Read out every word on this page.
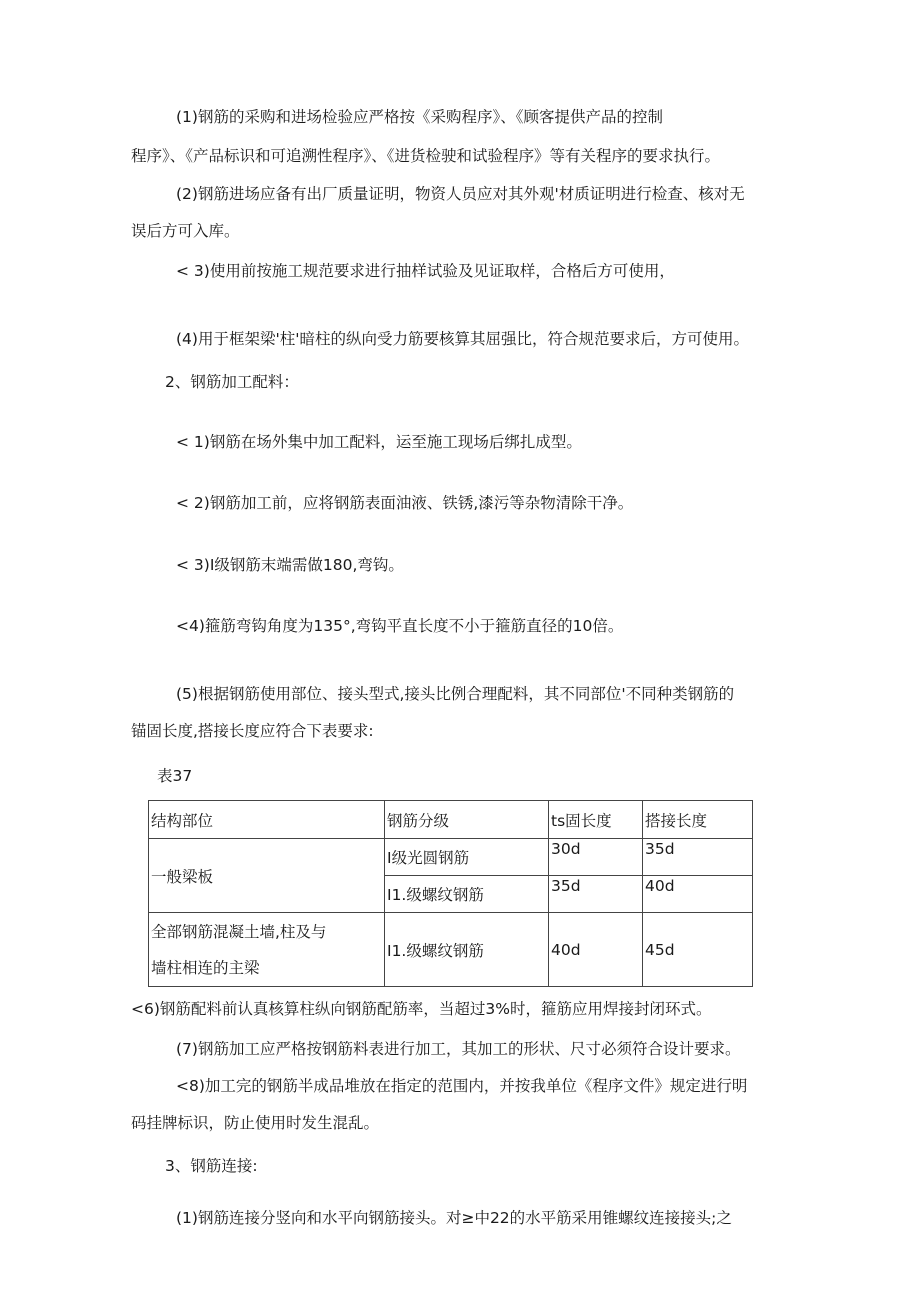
(1)钢筋的采购和进场检验应严格按《采购程序》、《顾客提供产品的控制
程序》、《产品标识和可追溯性程序》、《进货检驶和试验程序》等有关程序的要求执行。
(2)钢筋进场应备有出厂质量证明，物资人员应对其外观'材质证明进行检查、核对无
误后方可入库。
< 3)使用前按施工规范要求进行抽样试验及见证取样，合格后方可使用，
(4)用于框架梁'柱'暗柱的纵向受力筋要核算其屈强比，符合规范要求后，方可使用。
2、钢筋加工配料：
< 1)钢筋在场外集中加工配料，运至施工现场后绑扎成型。
< 2)钢筋加工前，应将钢筋表面油液、铁锈,漆污等杂物清除干净。
< 3)I级钢筋末端需做180,弯钩。
<4)箍筋弯钩角度为135°,弯钩平直长度不小于箍筋直径的10倍。
(5)根据钢筋使用部位、接头型式,接头比例合理配料，其不同部位'不同种类钢筋的
锚固长度,搭接长度应符合下表要求:
表37
结构部位	钢筋分级	ts固长度	搭接长度
一般梁板	I级光圆钢筋	30d	35d
	I1.级螺纹钢筋	35d	40d

全部钢筋混凝土墙,柱及与
墙柱相连的主梁	I1.级螺纹钢筋	40d	45d
<6)钢筋配料前认真核算柱纵向钢筋配筋率，当超过3%时，箍筋应用焊接封闭环式。
(7)钢筋加工应严格按钢筋料表进行加工，其加工的形状、尺寸必须符合设计要求。
<8)加工完的钢筋半成品堆放在指定的范围内，并按我单位《程序文件》规定进行明
码挂牌标识，防止使用时发生混乱。
3、钢筋连接:
(1)钢筋连接分竖向和水平向钢筋接头。对≥中22的水平筋采用锥螺纹连接接头;之
